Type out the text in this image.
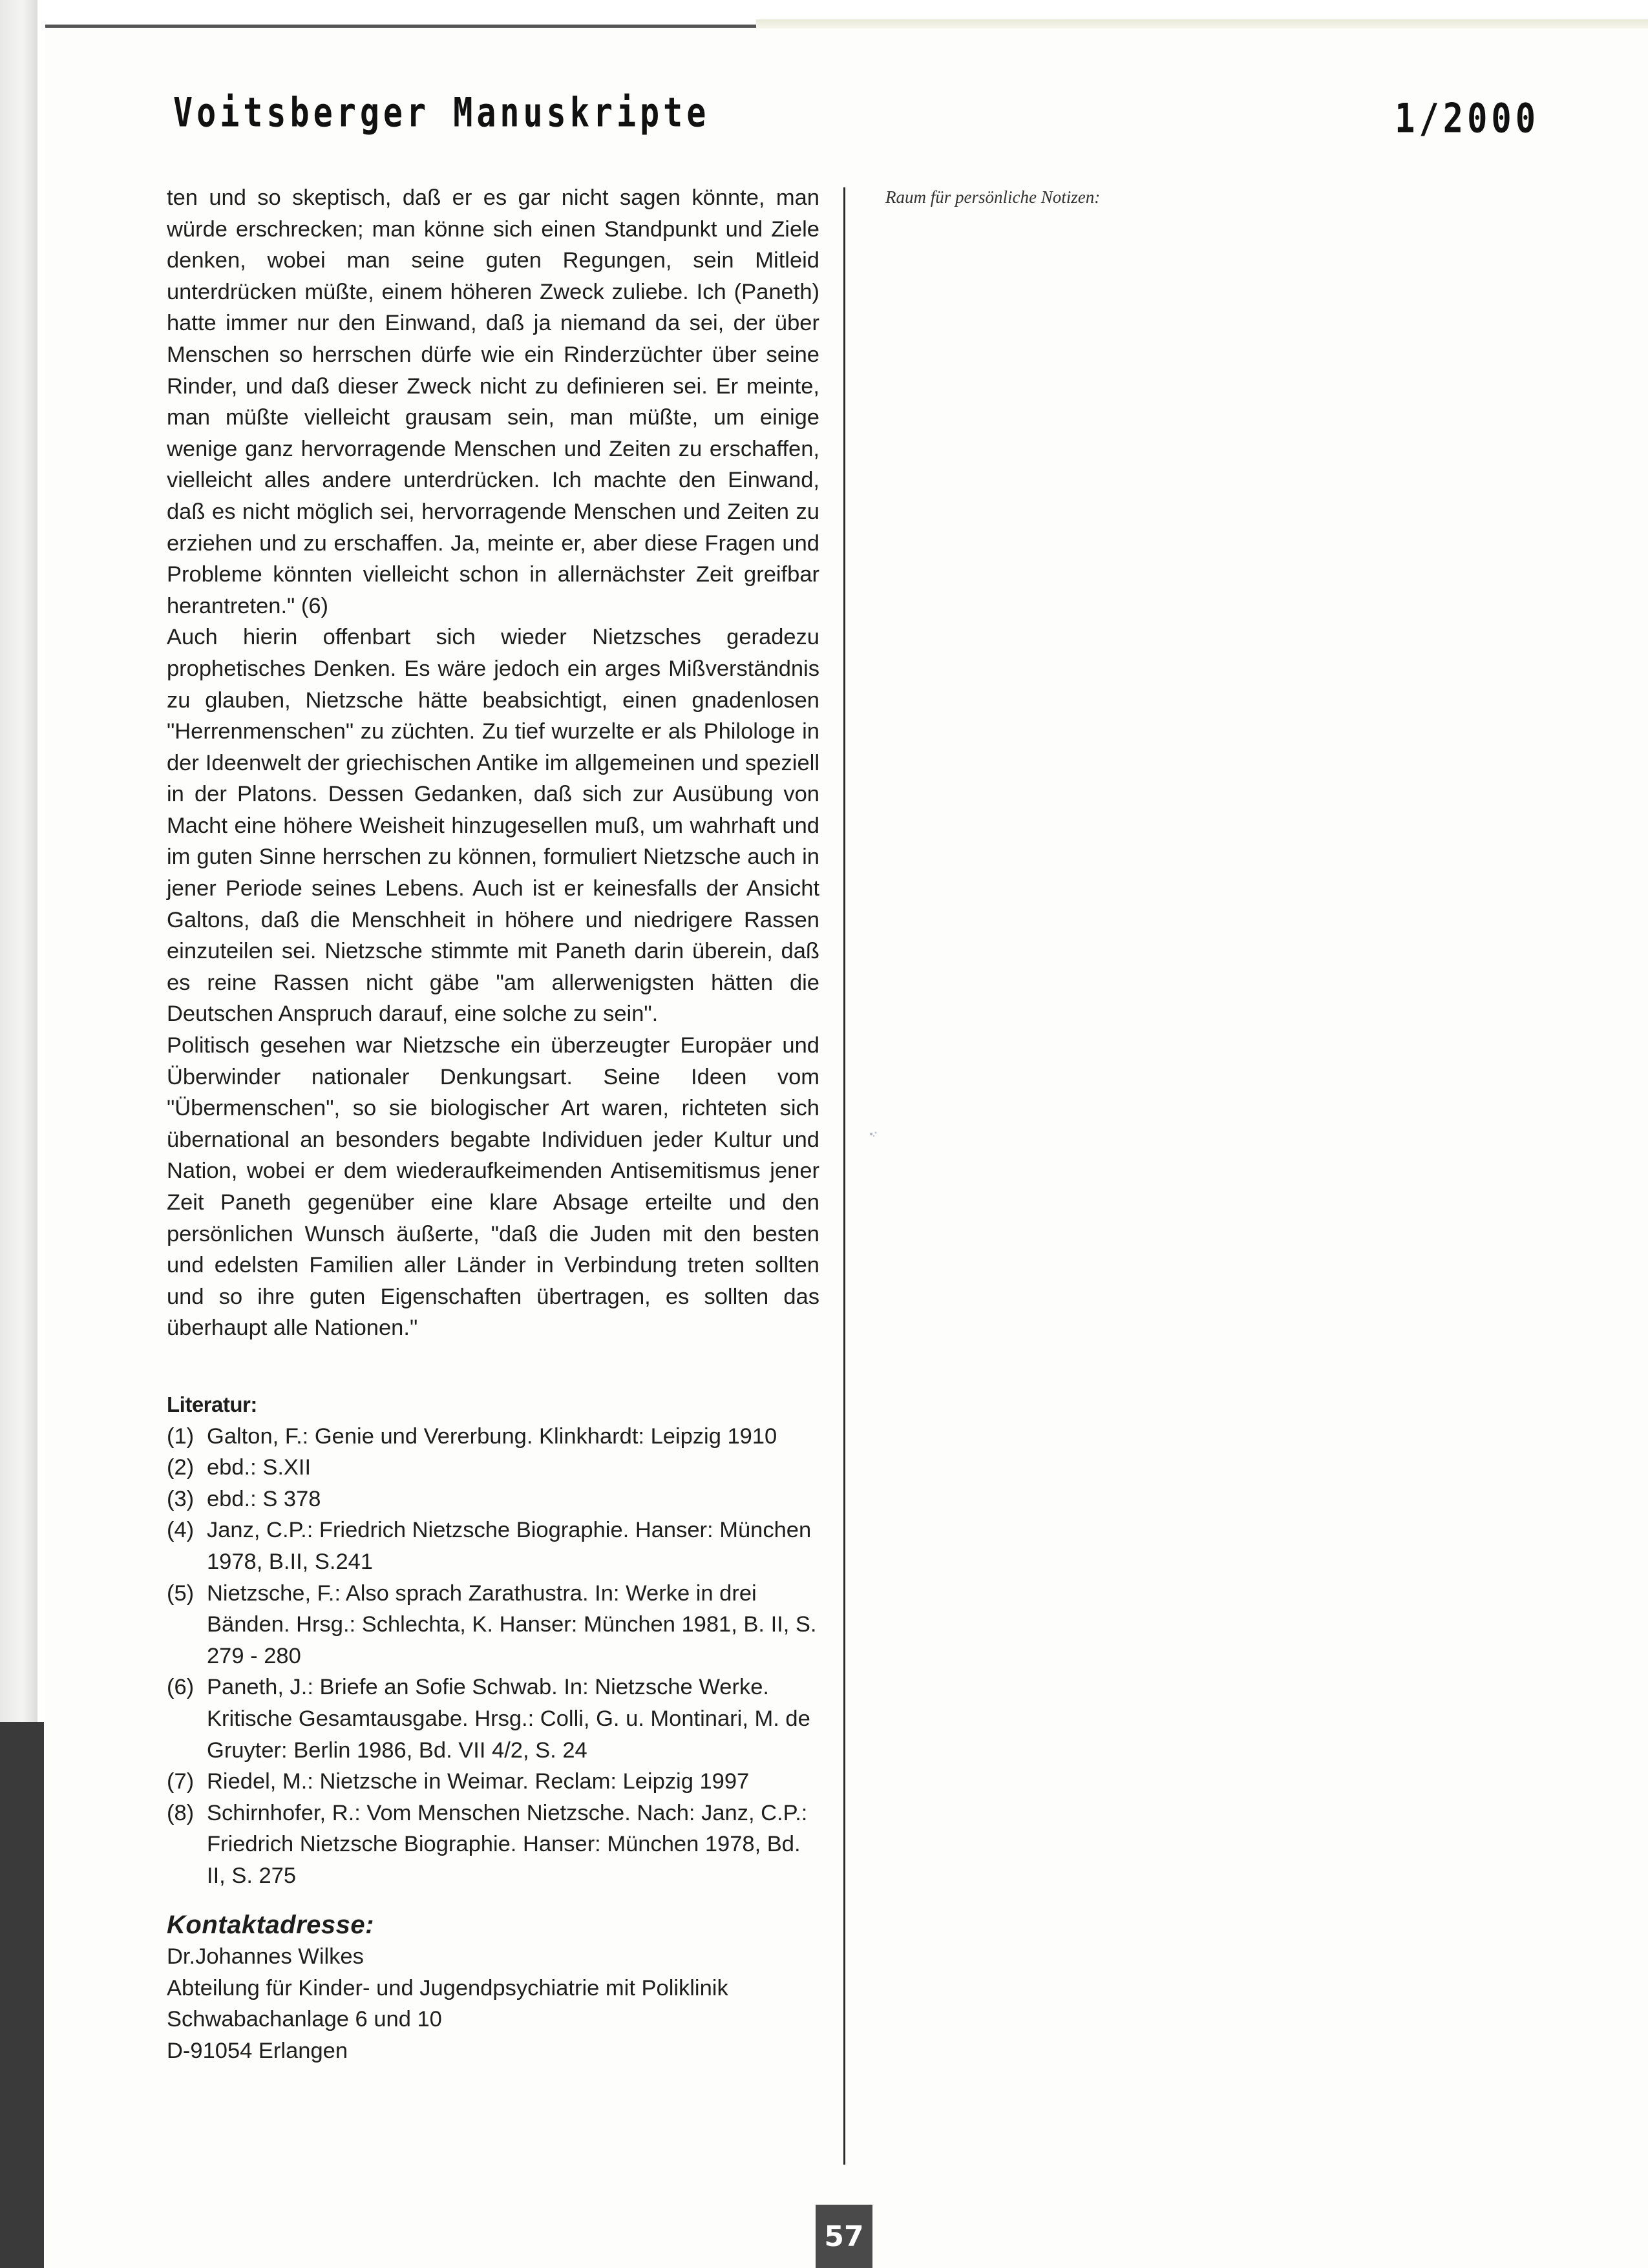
Voitsberger Manuskripte	1/2000

ten und so skeptisch, daß er es gar nicht sagen könnte, man würde erschrecken; man könne sich einen Standpunkt und Ziele denken, wobei man seine guten Regungen, sein Mitleid unterdrücken müßte, einem höheren Zweck zuliebe. Ich (Paneth) hatte immer nur den Einwand, daß ja niemand da sei, der über Menschen so herrschen dürfe wie ein Rinderzüchter über seine Rinder, und daß dieser Zweck nicht zu definieren sei. Er meinte, man müßte vielleicht grausam sein, man müßte, um einige wenige ganz hervorragende Menschen und Zeiten zu erschaffen, vielleicht alles andere unterdrücken. Ich machte den Einwand, daß es nicht möglich sei, hervorragende Menschen und Zeiten zu erziehen und zu erschaffen. Ja, meinte er, aber diese Fragen und Probleme könnten vielleicht schon in allernächster Zeit greifbar herantreten." (6)

Auch hierin offenbart sich wieder Nietzsches geradezu prophetisches Denken. Es wäre jedoch ein arges Mißverständnis zu glauben, Nietzsche hätte beabsichtigt, einen gnadenlosen "Herrenmenschen" zu züchten. Zu tief wurzelte er als Philologe in der Ideenwelt der griechischen Antike im allgemeinen und speziell in der Platons. Dessen Gedanken, daß sich zur Ausübung von Macht eine höhere Weisheit hinzugesellen muß, um wahrhaft und im guten Sinne herrschen zu können, formuliert Nietzsche auch in jener Periode seines Lebens. Auch ist er keinesfalls der Ansicht Galtons, daß die Menschheit in höhere und niedrigere Rassen einzuteilen sei. Nietzsche stimmte mit Paneth darin überein, daß es reine Rassen nicht gäbe "am allerwenigsten hätten die Deutschen Anspruch darauf, eine solche zu sein".

Politisch gesehen war Nietzsche ein überzeugter Europäer und Überwinder nationaler Denkungsart. Seine Ideen vom "Übermenschen", so sie biologischer Art waren, richteten sich übernational an besonders begabte Individuen jeder Kultur und Nation, wobei er dem wiederaufkeimenden Antisemitismus jener Zeit Paneth gegenüber eine klare Absage erteilte und den persönlichen Wunsch äußerte, "daß die Juden mit den besten und edelsten Familien aller Länder in Verbindung treten sollten und so ihre guten Eigenschaften übertragen, es sollten das überhaupt alle Nationen."

Literatur:

(1) Galton, F.: Genie und Vererbung. Klinkhardt: Leipzig 1910
(2) ebd.: S.XII
(3) ebd.: S 378
(4) Janz, C.P.: Friedrich Nietzsche Biographie. Hanser: München 1978, B.II, S.241
(5) Nietzsche, F.: Also sprach Zarathustra. In: Werke in drei Bänden. Hrsg.: Schlechta, K. Hanser: München 1981, B. II, S. 279 - 280
(6) Paneth, J.: Briefe an Sofie Schwab. In: Nietzsche Werke. Kritische Gesamtausgabe. Hrsg.: Colli, G. u. Montinari, M. de Gruyter: Berlin 1986, Bd. VII 4/2, S. 24
(7) Riedel, M.: Nietzsche in Weimar. Reclam: Leipzig 1997
(8) Schirnhofer, R.: Vom Menschen Nietzsche. Nach: Janz, C.P.: Friedrich Nietzsche Biographie. Hanser: München 1978, Bd. II, S. 275

Kontaktadresse:

Dr.Johannes Wilkes
Abteilung für Kinder- und Jugendpsychiatrie mit Poliklinik
Schwabachanlage 6 und 10
D-91054 Erlangen
Raum für persönliche Notizen:
57
